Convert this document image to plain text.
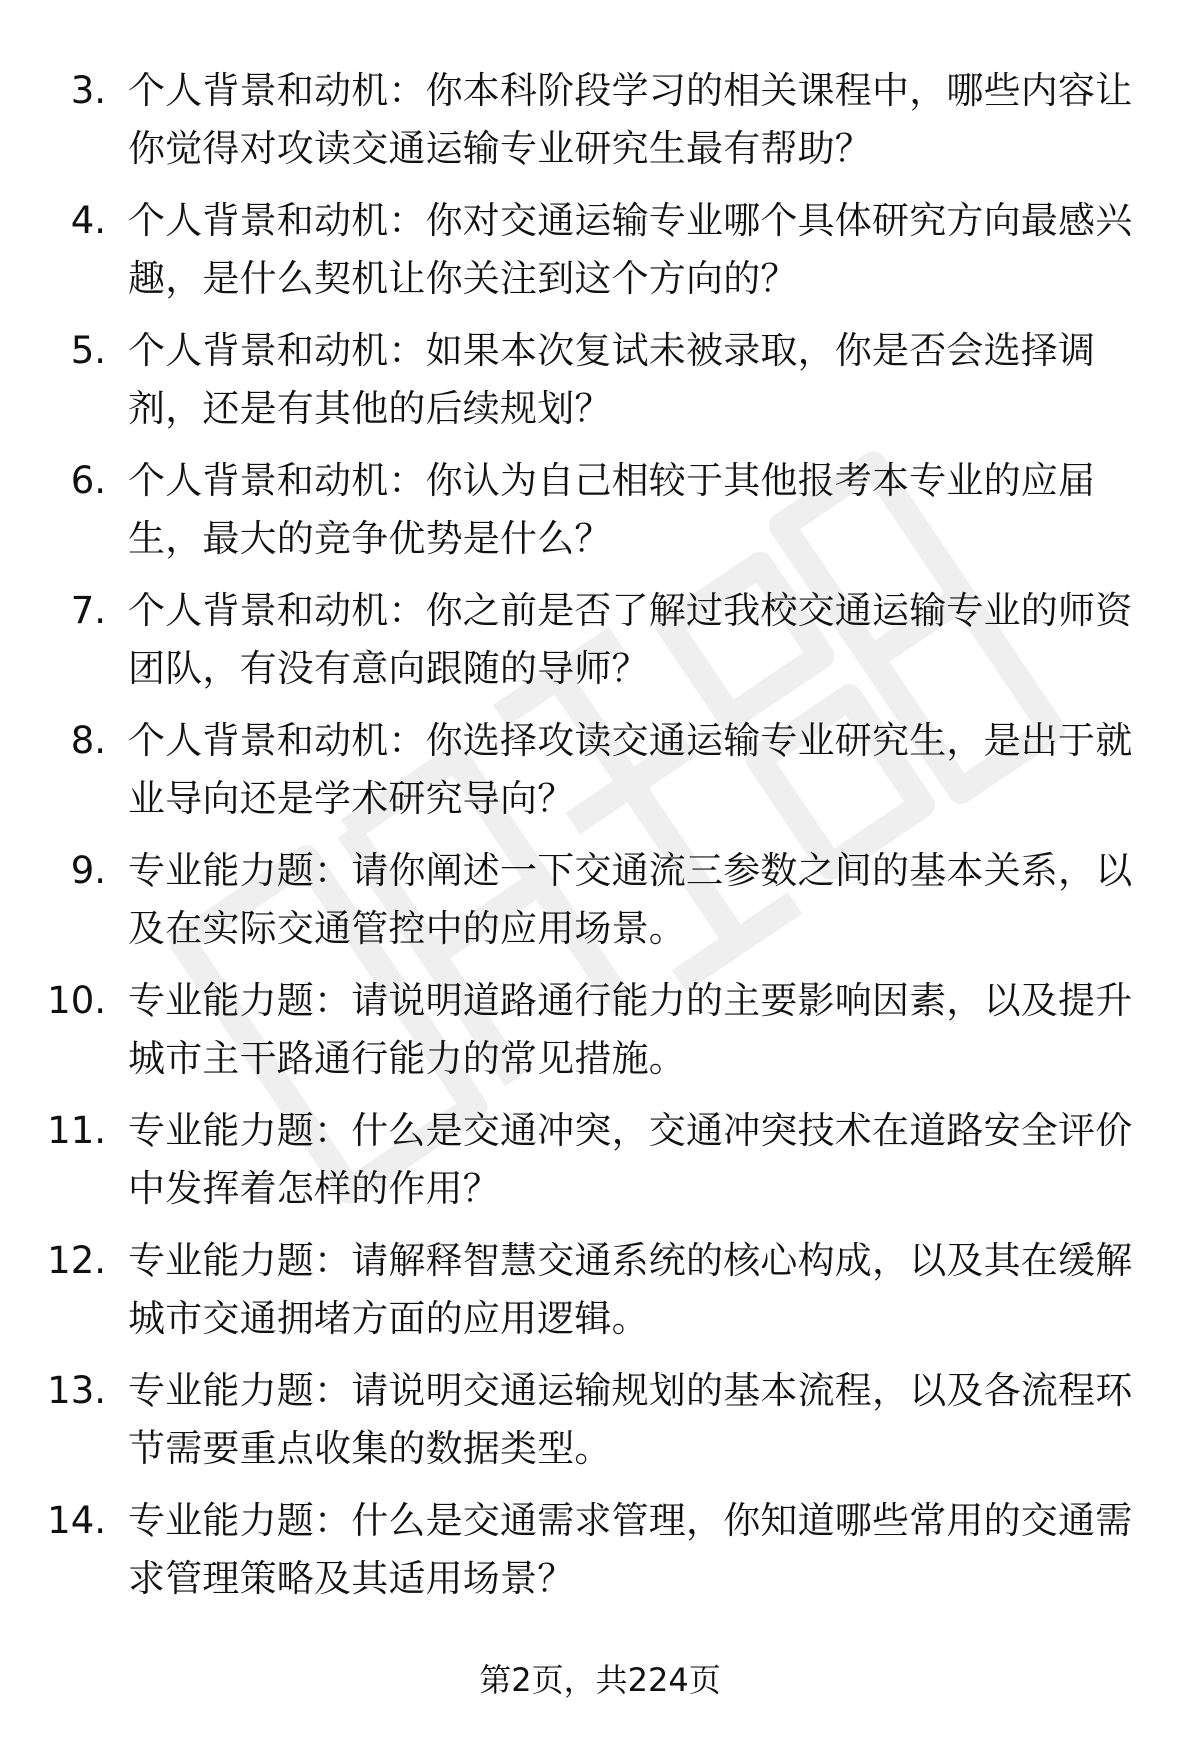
3. 个人背景和动机：你本科阶段学习的相关课程中，哪些内容让你觉得对攻读交通运输专业研究生最有帮助？
4. 个人背景和动机：你对交通运输专业哪个具体研究方向最感兴趣，是什么契机让你关注到这个方向的？
5. 个人背景和动机：如果本次复试未被录取，你是否会选择调剂，还是有其他的后续规划？
6. 个人背景和动机：你认为自己相较于其他报考本专业的应届生，最大的竞争优势是什么？
7. 个人背景和动机：你之前是否了解过我校交通运输专业的师资团队，有没有意向跟随的导师？
8. 个人背景和动机：你选择攻读交通运输专业研究生，是出于就业导向还是学术研究导向？
9. 专业能力题：请你阐述一下交通流三参数之间的基本关系，以及在实际交通管控中的应用场景。
10. 专业能力题：请说明道路通行能力的主要影响因素，以及提升城市主干路通行能力的常见措施。
11. 专业能力题：什么是交通冲突，交通冲突技术在道路安全评价中发挥着怎样的作用？
12. 专业能力题：请解释智慧交通系统的核心构成，以及其在缓解城市交通拥堵方面的应用逻辑。
13. 专业能力题：请说明交通运输规划的基本流程，以及各流程环节需要重点收集的数据类型。
14. 专业能力题：什么是交通需求管理，你知道哪些常用的交通需求管理策略及其适用场景？
第2页，共224页
